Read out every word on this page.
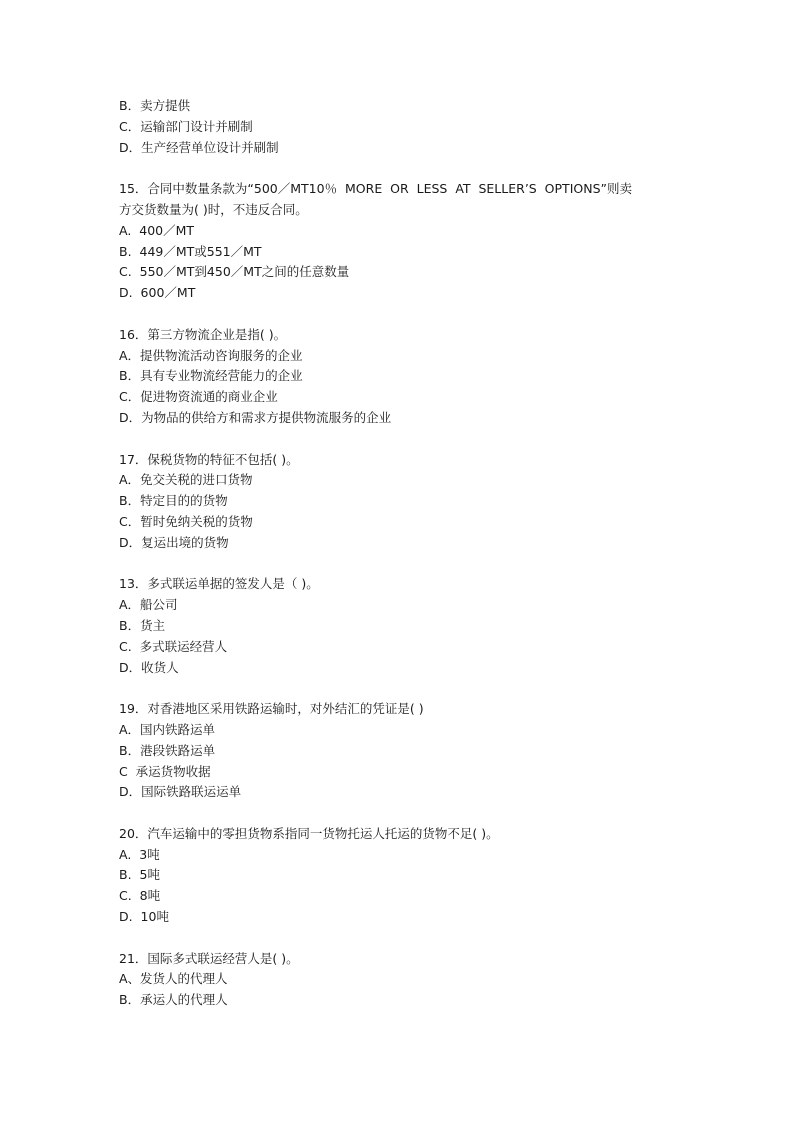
B．卖方提供
C．运输部门设计并刷制
D．生产经营单位设计并刷制
15．合同中数量条款为“500／MT10％  MORE  OR  LESS  AT  SELLER’S  OPTIONS”则卖
方交货数量为( )时，不违反合同。
A.  400／MT
B.  449／MT或551／MT
C.  550／MT到450／MT之间的任意数量
D.  600／MT
16．第三方物流企业是指( )。
A．提供物流活动咨询服务的企业
B．具有专业物流经营能力的企业
C．促进物资流通的商业企业
D．为物品的供给方和需求方提供物流服务的企业
17．保税货物的特征不包括( )。
A．免交关税的进口货物
B．特定目的的货物
C．暂时免纳关税的货物
D．复运出境的货物
13．多式联运单据的签发人是（ )。
A．船公司
B．货主
C.  多式联运经营人
D．收货人
19．对香港地区采用铁路运输时，对外结汇的凭证是( )
A．国内铁路运单
B．港段铁路运单
C  承运货物收据
D．国际铁路联运运单
20．汽车运输中的零担货物系指同一货物托运人托运的货物不足( )。
A.  3吨
B.  5吨
C.  8吨
D.  10吨
21．国际多式联运经营人是( )。
A、发货人的代理人
B．承运人的代理人
